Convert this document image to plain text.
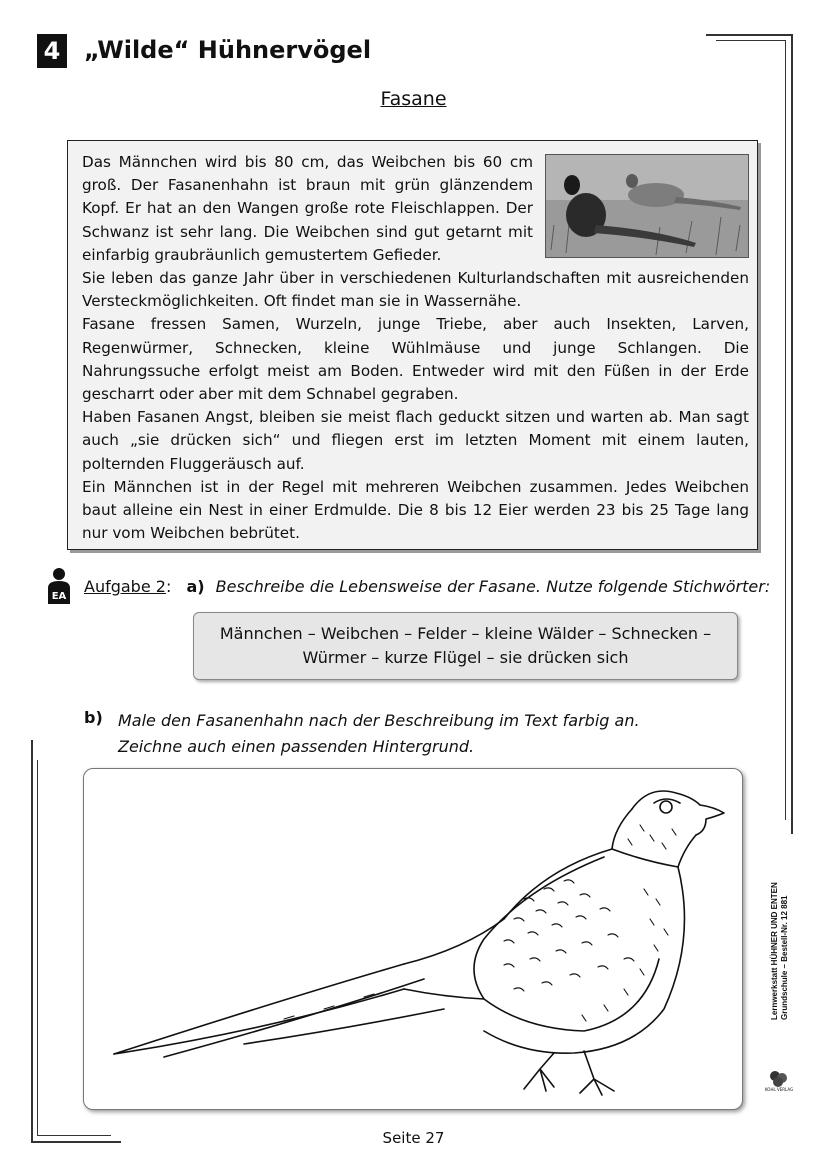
4 „Wilde“ Hühnervögel
Fasane

Das Männchen wird bis 80 cm, das Weibchen bis 60 cm groß. Der Fasanenhahn ist braun mit grün glänzendem Kopf. Er hat an den Wangen große rote Fleischlappen. Der Schwanz ist sehr lang. Die Weibchen sind gut getarnt mit einfarbig graubräunlich gemustertem Gefieder.

Sie leben das ganze Jahr über in verschiedenen Kulturlandschaften mit ausreichenden Versteckmöglichkeiten. Oft findet man sie in Wassernähe.

Fasane fressen Samen, Wurzeln, junge Triebe, aber auch Insekten, Larven, Regenwürmer, Schnecken, kleine Wühlmäuse und junge Schlangen. Die Nahrungssuche erfolgt meist am Boden. Entweder wird mit den Füßen in der Erde gescharrt oder aber mit dem Schnabel gegraben.

Haben Fasanen Angst, bleiben sie meist flach geduckt sitzen und warten ab. Man sagt auch „sie drücken sich“ und fliegen erst im letzten Moment mit einem lauten, polternden Fluggeräusch auf.

Ein Männchen ist in der Regel mit mehreren Weibchen zusammen. Jedes Weibchen baut alleine ein Nest in einer Erdmulde. Die 8 bis 12 Eier werden 23 bis 25 Tage lang nur vom Weibchen bebrütet.

EA
Aufgabe 2: a) Beschreibe die Lebensweise der Fasane. Nutze folgende Stichwörter:
Männchen – Weibchen – Felder – kleine Wälder – Schnecken –
Würmer – kurze Flügel – sie drücken sich
b) Male den Fasanenhahn nach der Beschreibung im Text farbig an.
Zeichne auch einen passenden Hintergrund.
Lernwerkstatt HÜHNER UND ENTEN Grundschule – Bestell-Nr. 12 881
KOHL VERLAG
Seite 27
